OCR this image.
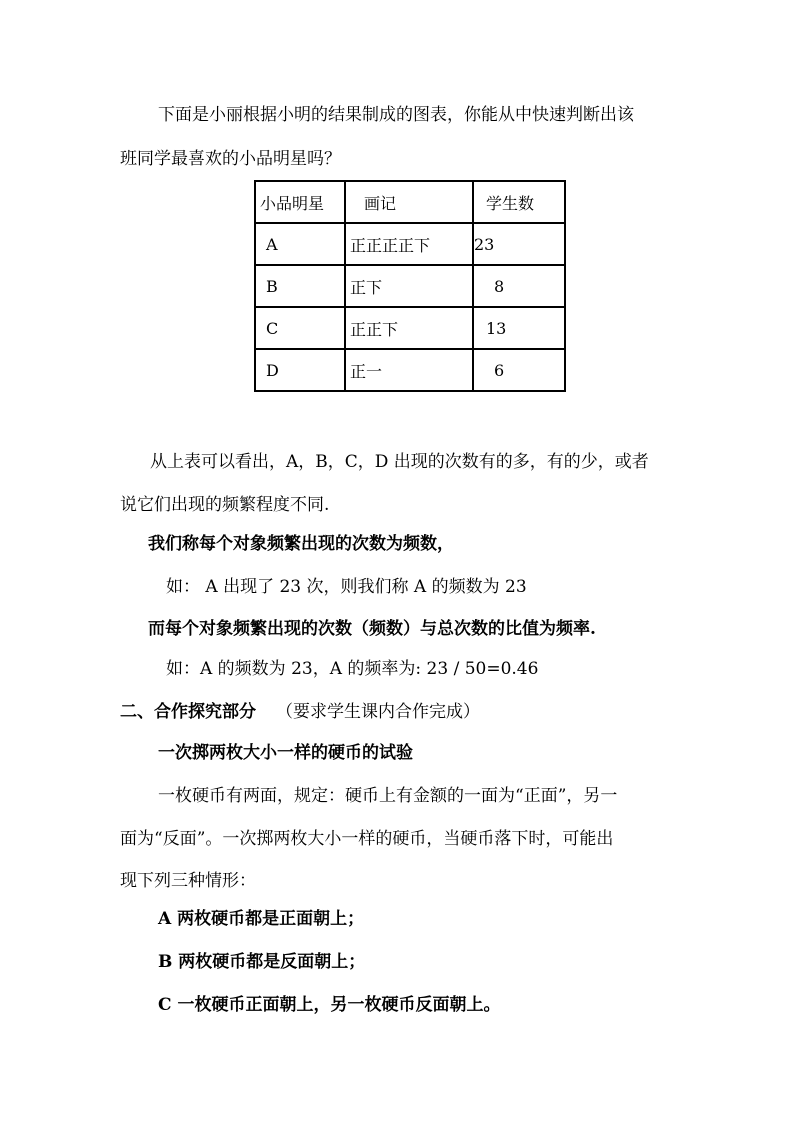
下面是小丽根据小明的结果制成的图表，你能从中快速判断出该
班同学最喜欢的小品明星吗？
小品明星	画记	学生数
A	正正正正下	23
B	正下	8
C	正正下	13
D	正一	6
从上表可以看出，A，B，C，D 出现的次数有的多，有的少，或者
说它们出现的频繁程度不同.
我们称每个对象频繁出现的次数为频数，
如： A 出现了 23 次，则我们称 A 的频数为 23
而每个对象频繁出现的次数（频数）与总次数的比值为频率.
如：A 的频数为 23，A 的频率为: 23 / 50=0.46
二、合作探究部分 （要求学生课内合作完成）
一次掷两枚大小一样的硬币的试验
一枚硬币有两面，规定：硬币上有金额的一面为“正面”，另一
面为“反面”。一次掷两枚大小一样的硬币，当硬币落下时，可能出
现下列三种情形：
A 两枚硬币都是正面朝上；
B 两枚硬币都是反面朝上；
C 一枚硬币正面朝上，另一枚硬币反面朝上。
